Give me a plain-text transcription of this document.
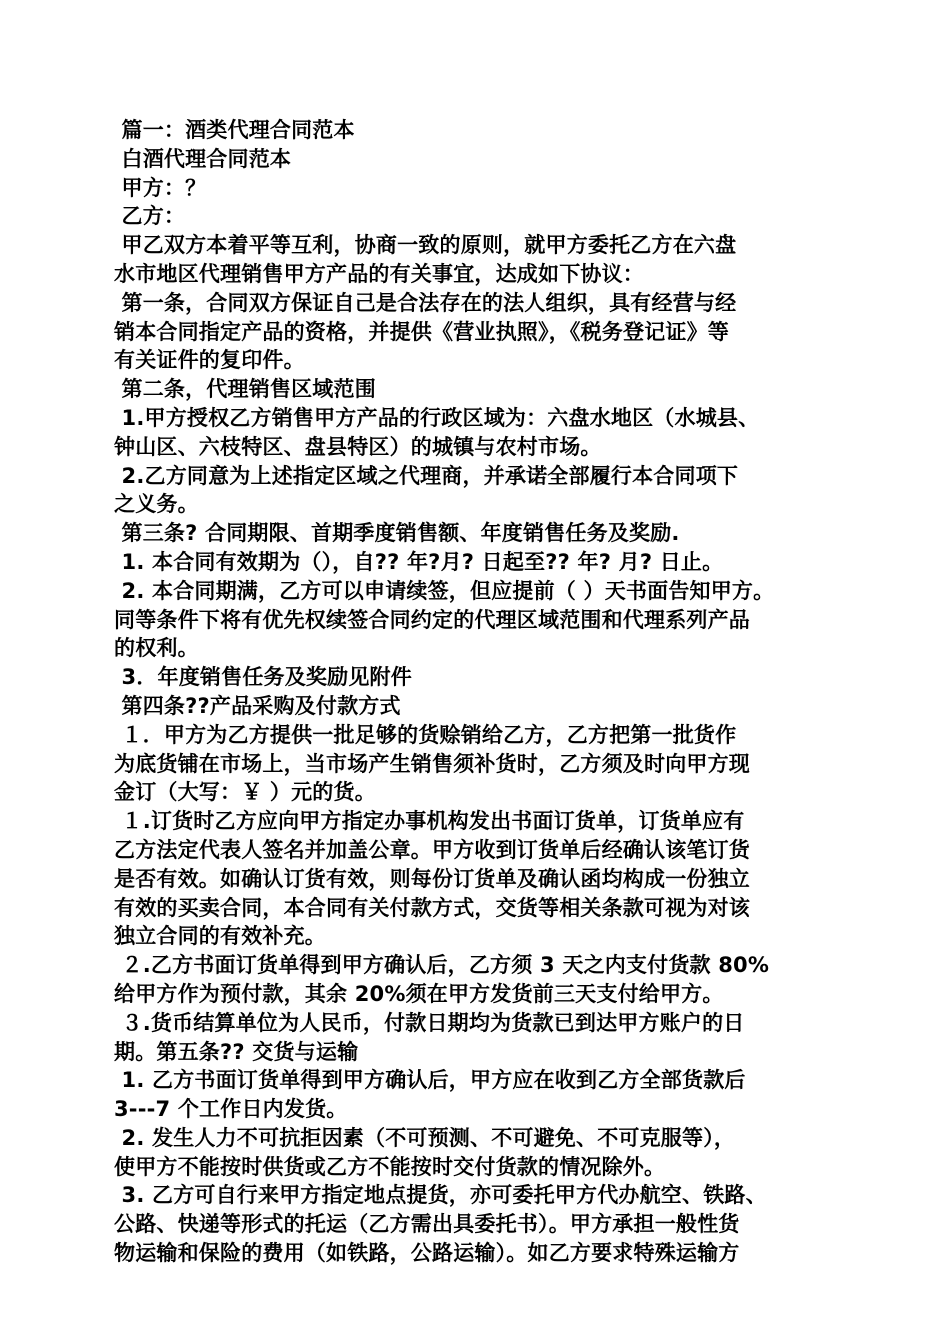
篇一：酒类代理合同范本
白酒代理合同范本
甲方：？
乙方：
甲乙双方本着平等互利，协商一致的原则，就甲方委托乙方在六盘
水市地区代理销售甲方产品的有关事宜，达成如下协议：
第一条，合同双方保证自己是合法存在的法人组织，具有经营与经
销本合同指定产品的资格，并提供《营业执照》，《税务登记证》等
有关证件的复印件。
第二条，代理销售区域范围
1.甲方授权乙方销售甲方产品的行政区域为：六盘水地区（水城县、
钟山区、六枝特区、盘县特区）的城镇与农村市场。
2.乙方同意为上述指定区域之代理商，并承诺全部履行本合同项下
之义务。
第三条? 合同期限、首期季度销售额、年度销售任务及奖励.
1. 本合同有效期为（），自?? 年?月? 日起至?? 年? 月? 日止。
2. 本合同期满，乙方可以申请续签，但应提前（ ）天书面告知甲方。
同等条件下将有优先权续签合同约定的代理区域范围和代理系列产品
的权利。
3．年度销售任务及奖励见附件
第四条??产品采购及付款方式
１．甲方为乙方提供一批足够的货赊销给乙方，乙方把第一批货作
为底货铺在市场上，当市场产生销售须补货时，乙方须及时向甲方现
金订（大写：￥ ）元的货。
１.订货时乙方应向甲方指定办事机构发出书面订货单，订货单应有
乙方法定代表人签名并加盖公章。甲方收到订货单后经确认该笔订货
是否有效。如确认订货有效，则每份订货单及确认函均构成一份独立
有效的买卖合同，本合同有关付款方式，交货等相关条款可视为对该
独立合同的有效补充。
２.乙方书面订货单得到甲方确认后，乙方须 3 天之内支付货款 80%
给甲方作为预付款，其余 20%须在甲方发货前三天支付给甲方。
３.货币结算单位为人民币，付款日期均为货款已到达甲方账户的日
期。第五条?? 交货与运输
1. 乙方书面订货单得到甲方确认后，甲方应在收到乙方全部货款后
3---7 个工作日内发货。
2. 发生人力不可抗拒因素（不可预测、不可避免、不可克服等），
使甲方不能按时供货或乙方不能按时交付货款的情况除外。
3. 乙方可自行来甲方指定地点提货，亦可委托甲方代办航空、铁路、
公路、快递等形式的托运（乙方需出具委托书）。甲方承担一般性货
物运输和保险的费用（如铁路，公路运输）。如乙方要求特殊运输方
